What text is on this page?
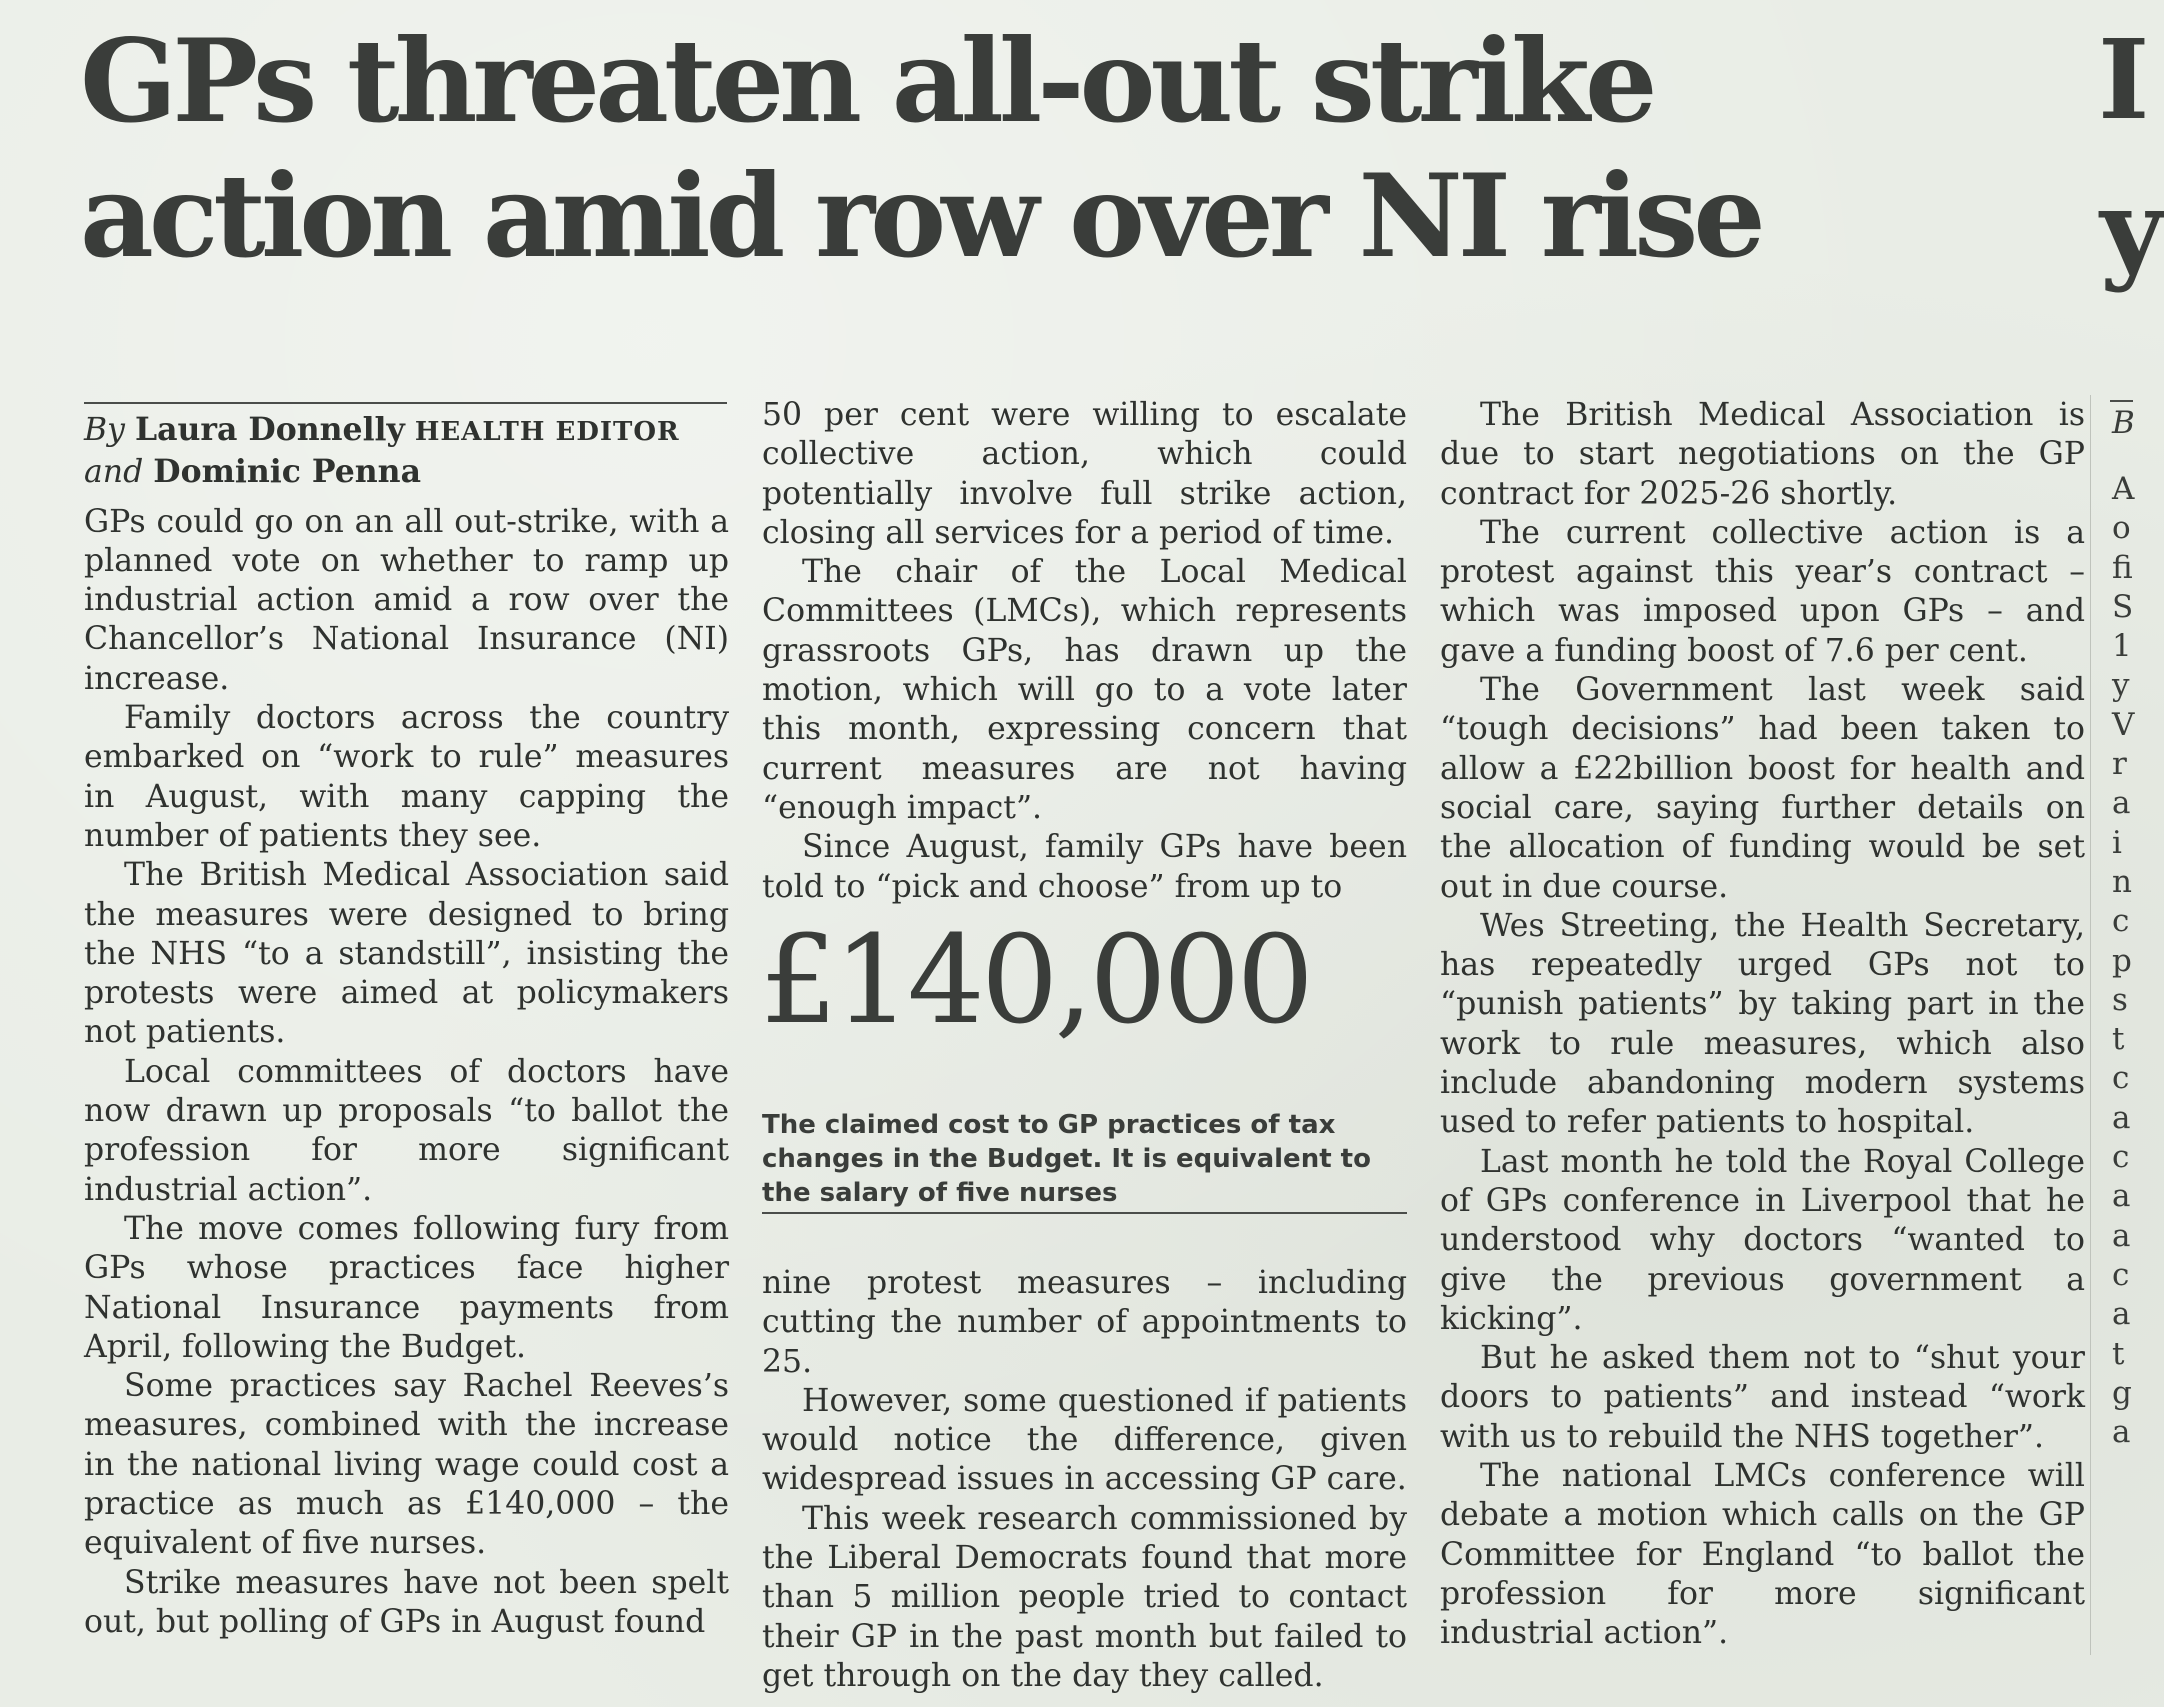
GPs threaten all-out strike
action amid row over NI rise
I
y
B
A
o
fi
S
1
y
V
r
a
i
n
c
p
s
t
c
a
c
a
a
c
a
t
g
a
By Laura Donnelly HEALTH EDITOR
and Dominic Penna

GPs could go on an all out-strike, with a planned vote on whether to ramp up industrial action amid a row over the Chancellor’s National Insurance (NI) increase.

Family doctors across the country embarked on “work to rule” measures in August, with many capping the number of patients they see.

The British Medical Association said the measures were designed to bring the NHS “to a standstill”, insisting the protests were aimed at policymakers not patients.

Local committees of doctors have now drawn up proposals “to ballot the profession for more significant industrial action”.

The move comes following fury from GPs whose practices face higher National Insurance payments from April, following the Budget.

Some practices say Rachel Reeves’s measures, combined with the increase in the national living wage could cost a practice as much as £140,000 – the equivalent of five nurses.

Strike measures have not been spelt out, but polling of GPs in August found

50 per cent were willing to escalate collective action, which could potentially involve full strike action, closing all services for a period of time.

The chair of the Local Medical Committees (LMCs), which represents grassroots GPs, has drawn up the motion, which will go to a vote later this month, expressing concern that current measures are not having “enough impact”.

Since August, family GPs have been told to “pick and choose” from up to

£140,000
The claimed cost to GP practices of tax changes in the Budget. It is equivalent to the salary of five nurses

nine protest measures – including cutting the number of appointments to 25.

However, some questioned if patients would notice the difference, given widespread issues in accessing GP care.

This week research commissioned by the Liberal Democrats found that more than 5 million people tried to contact their GP in the past month but failed to get through on the day they called.

The British Medical Association is due to start negotiations on the GP contract for 2025-26 shortly.

The current collective action is a protest against this year’s contract – which was imposed upon GPs – and gave a funding boost of 7.6 per cent.

The Government last week said “tough decisions” had been taken to allow a £22billion boost for health and social care, saying further details on the allocation of funding would be set out in due course.

Wes Streeting, the Health Secretary, has repeatedly urged GPs not to “punish patients” by taking part in the work to rule measures, which also include abandoning modern systems used to refer patients to hospital.

Last month he told the Royal College of GPs conference in Liverpool that he understood why doctors “wanted to give the previous government a kicking”.

But he asked them not to “shut your doors to patients” and instead “work with us to rebuild the NHS together”.

The national LMCs conference will debate a motion which calls on the GP Committee for England “to ballot the profession for more significant industrial action”.
